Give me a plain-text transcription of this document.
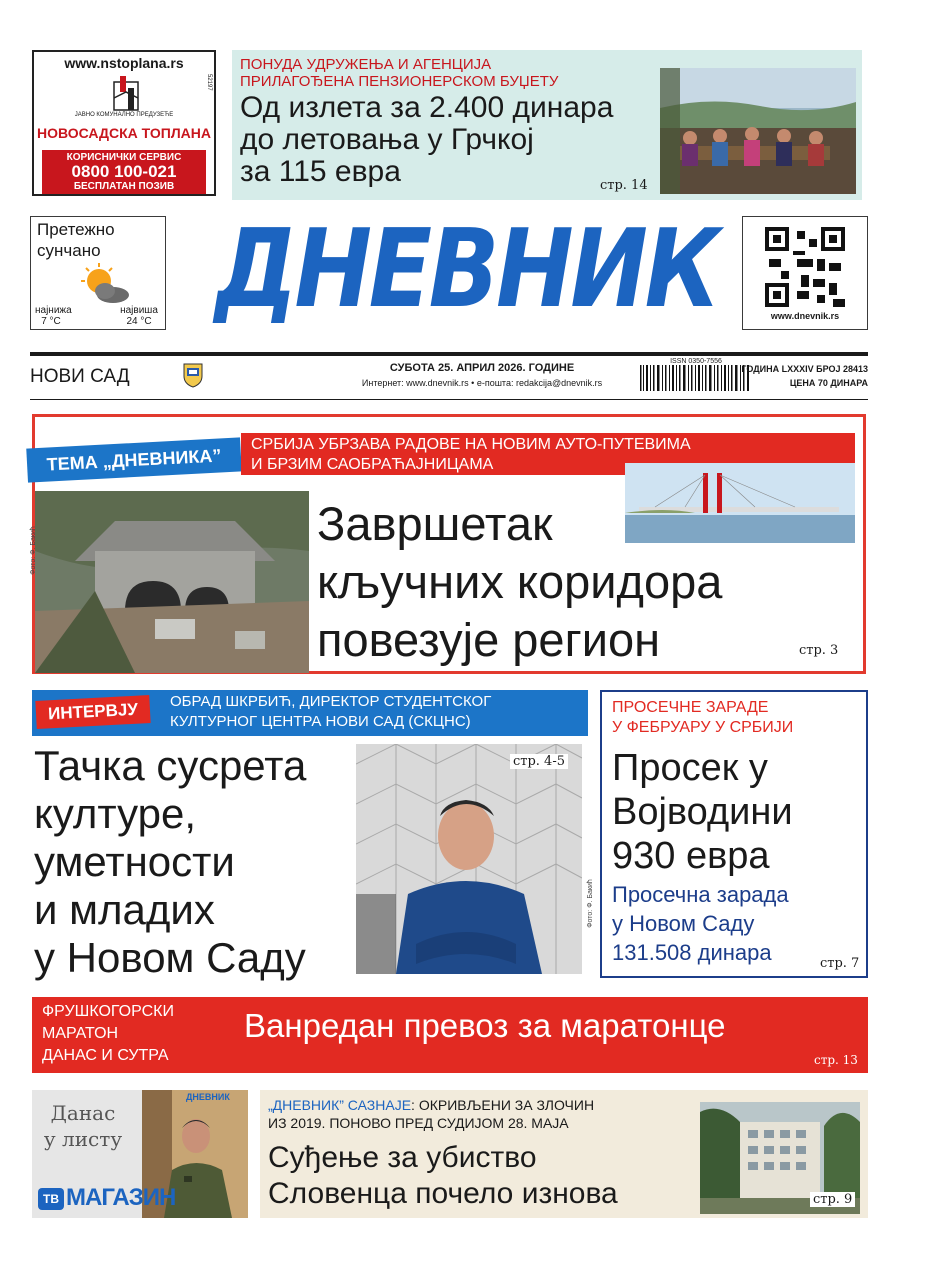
www.nstoplana.rs
52197
ЈАВНО КОМУНАЛНО ПРЕДУЗЕЋЕ
НОВОСАДСКА ТОПЛАНА
КОРИСНИЧКИ СЕРВИС
0800 100-021
БЕСПЛАТАН ПОЗИВ
ПОНУДА УДРУЖЕЊА И АГЕНЦИЈА
ПРИЛАГОЂЕНА ПЕНЗИОНЕРСКОМ БУЏЕТУ
Од излета за 2.400 динара
до летовања у Грчкој
за 115 евра	стр. 14
Претежно
сунчано
најнижа
7 °C
највиша
24 °C ДНЕВНИК	www.dnevnik.rs
НОВИ САД	СУБОТА 25. АПРИЛ 2026. ГОДИНЕ
Интернет: www.dnevnik.rs • е-пошта: redakcija@dnevnik.rs
ISSN 0350-7556
ГОДИНА LXXXIV БРОЈ 28413
ЦЕНА 70 ДИНАРА
ТЕМА „ДНЕВНИКА”
СРБИЈА УБРЗАВА РАДОВЕ НА НОВИМ АУТО-ПУТЕВИМА
И БРЗИМ САОБРАЋАЈНИЦАМА
Фото: Ф. Бакић
Завршетак
кључних коридора
повезује регион	стр. 3
ИНТЕРВЈУ	ОБРАД ШКРБИЋ, ДИРЕКТОР СТУДЕНТСКОГ
КУЛТУРНОГ ЦЕНТРА НОВИ САД (СКЦНС)
Тачка сусрета
културе,
уметности
и младих
у Новом Саду
стр. 4-5
Фото: Ф. Бакић
ПРОСЕЧНЕ ЗАРАДЕ
У ФЕБРУАРУ У СРБИЈИ
Просек у
Војводини
930 евра
Просечна зарада
у Новом Саду
131.508 динара	стр. 7
ФРУШКОГОРСКИ
МАРАТОН
ДАНАС И СУТРА
Ванредан превоз за маратонце
стр. 13
Данас
у листу
ДНЕВНИК
ТВ МАГАЗИН
„ДНЕВНИК” САЗНАЈЕ: ОКРИВЉЕНИ ЗА ЗЛОЧИН
ИЗ 2019. ПОНОВО ПРЕД СУДИЈОМ 28. МАЈА
Суђење за убиство
Словенца почело изнова	стр. 9
